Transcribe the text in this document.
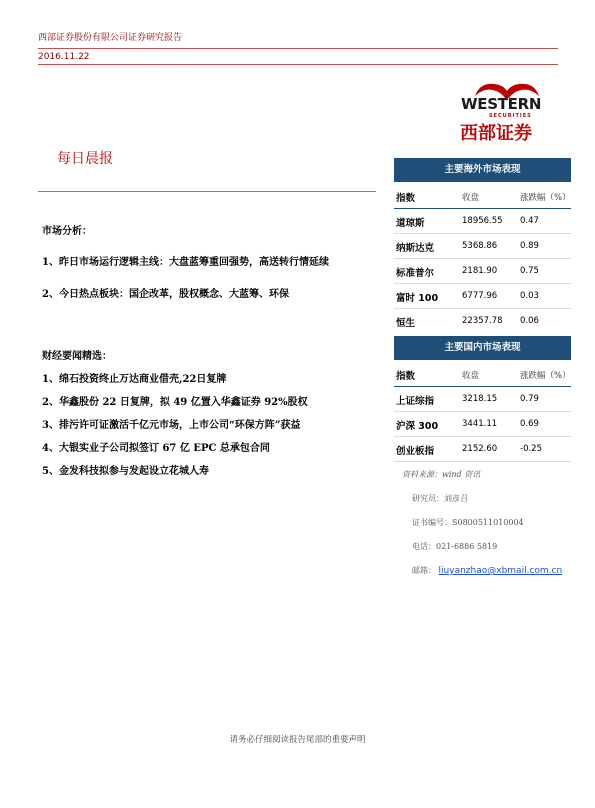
西部证券股份有限公司证券研究报告
2016.11.22
WESTERN
SECURITIES
西部证券
每日晨报
市场分析：
1、昨日市场运行逻辑主线：大盘蓝筹重回强势，高送转行情延续
2、今日热点板块：国企改革，股权概念、大蓝筹、环保
财经要闻精选：
1、绵石投资终止万达商业借壳,22日复牌
2、华鑫股份 22 日复牌，拟 49 亿置入华鑫证券 92%股权
3、排污许可证激活千亿元市场，上市公司“环保方阵”获益
4、大银实业子公司拟签订 67 亿 EPC 总承包合同
5、金发科技拟参与发起设立花城人寿
主要海外市场表现
指数	收盘	涨跌幅（%）
道琼斯	18956.55 0.47
纳斯达克	5368.86	0.89
标准普尔	2181.90	0.75
富时 100	6777.96	0.03
恒生	22357.78 0.06
主要国内市场表现
指数	收盘	涨跌幅（%）
上证综指	3218.15	0.79
沪深 300	3441.11	0.69
创业板指	2152.60	-0.25
资料来源：wind 资讯
研究员：刘彦召
证书编号：S0800511010004
电话：021-6886 5819
邮箱： liuyanzhao@xbmail.com.cn
请务必仔细阅读报告尾部的重要声明
